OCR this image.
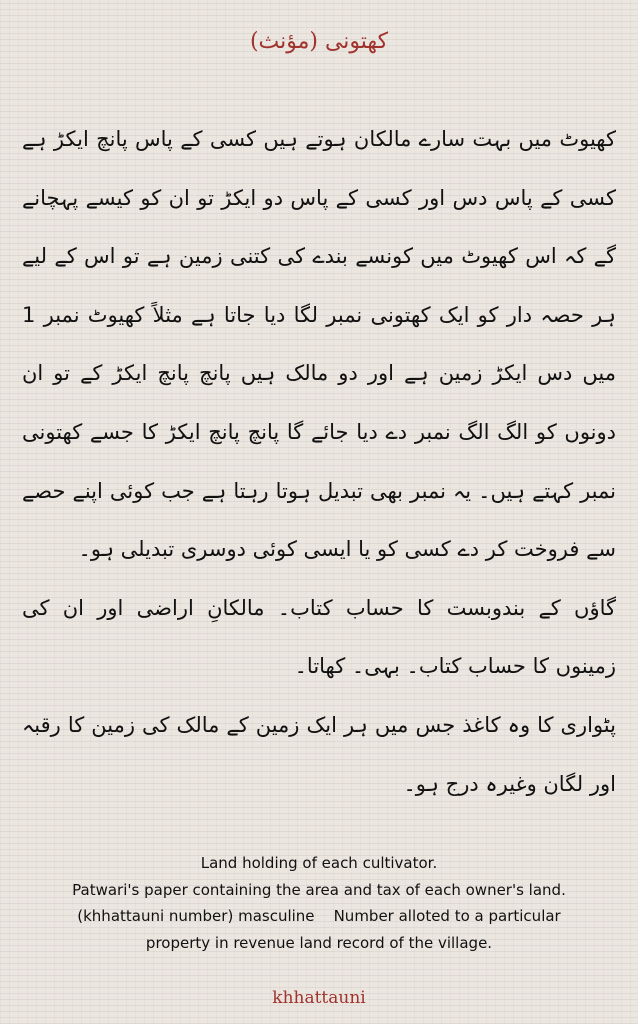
کھتونی (مؤنث)

کھیوٹ میں بہت سارے مالکان ہوتے ہیں کسی کے پاس پانچ ایکڑ ہے کسی کے پاس دس اور کسی کے پاس دو ایکڑ تو ان کو کیسے پہچانے گے کہ اس کھیوٹ میں کونسے بندے کی کتنی زمین ہے تو اس کے لیے ہر حصہ دار کو ایک کھتونی نمبر لگا دیا جاتا ہے مثلاً کھیوٹ نمبر 1 میں دس ایکڑ زمین ہے اور دو مالک ہیں پانچ پانچ ایکڑ کے تو ان دونوں کو الگ الگ نمبر دے دیا جائے گا پانچ پانچ ایکڑ کا جسے کھتونی نمبر کہتے ہیں۔ یہ نمبر بھی تبدیل ہوتا رہتا ہے جب کوئی اپنے حصے سے فروخت کر دے کسی کو یا ایسی کوئی دوسری تبدیلی ہو۔

گاؤں کے بندوبست کا حساب کتاب۔ مالکانِ اراضی اور ان کی زمینوں کا حساب کتاب۔ بہی۔ کھاتا۔

پٹواری کا وہ کاغذ جس میں ہر ایک زمین کے مالک کی زمین کا رقبہ اور لگان وغیرہ درج ہو۔

Land holding of each cultivator.
Patwari's paper containing the area and tax of each owner's land.
(khhattauni number) masculine    Number alloted to a particular
property in revenue land record of the village.
khhattauni
